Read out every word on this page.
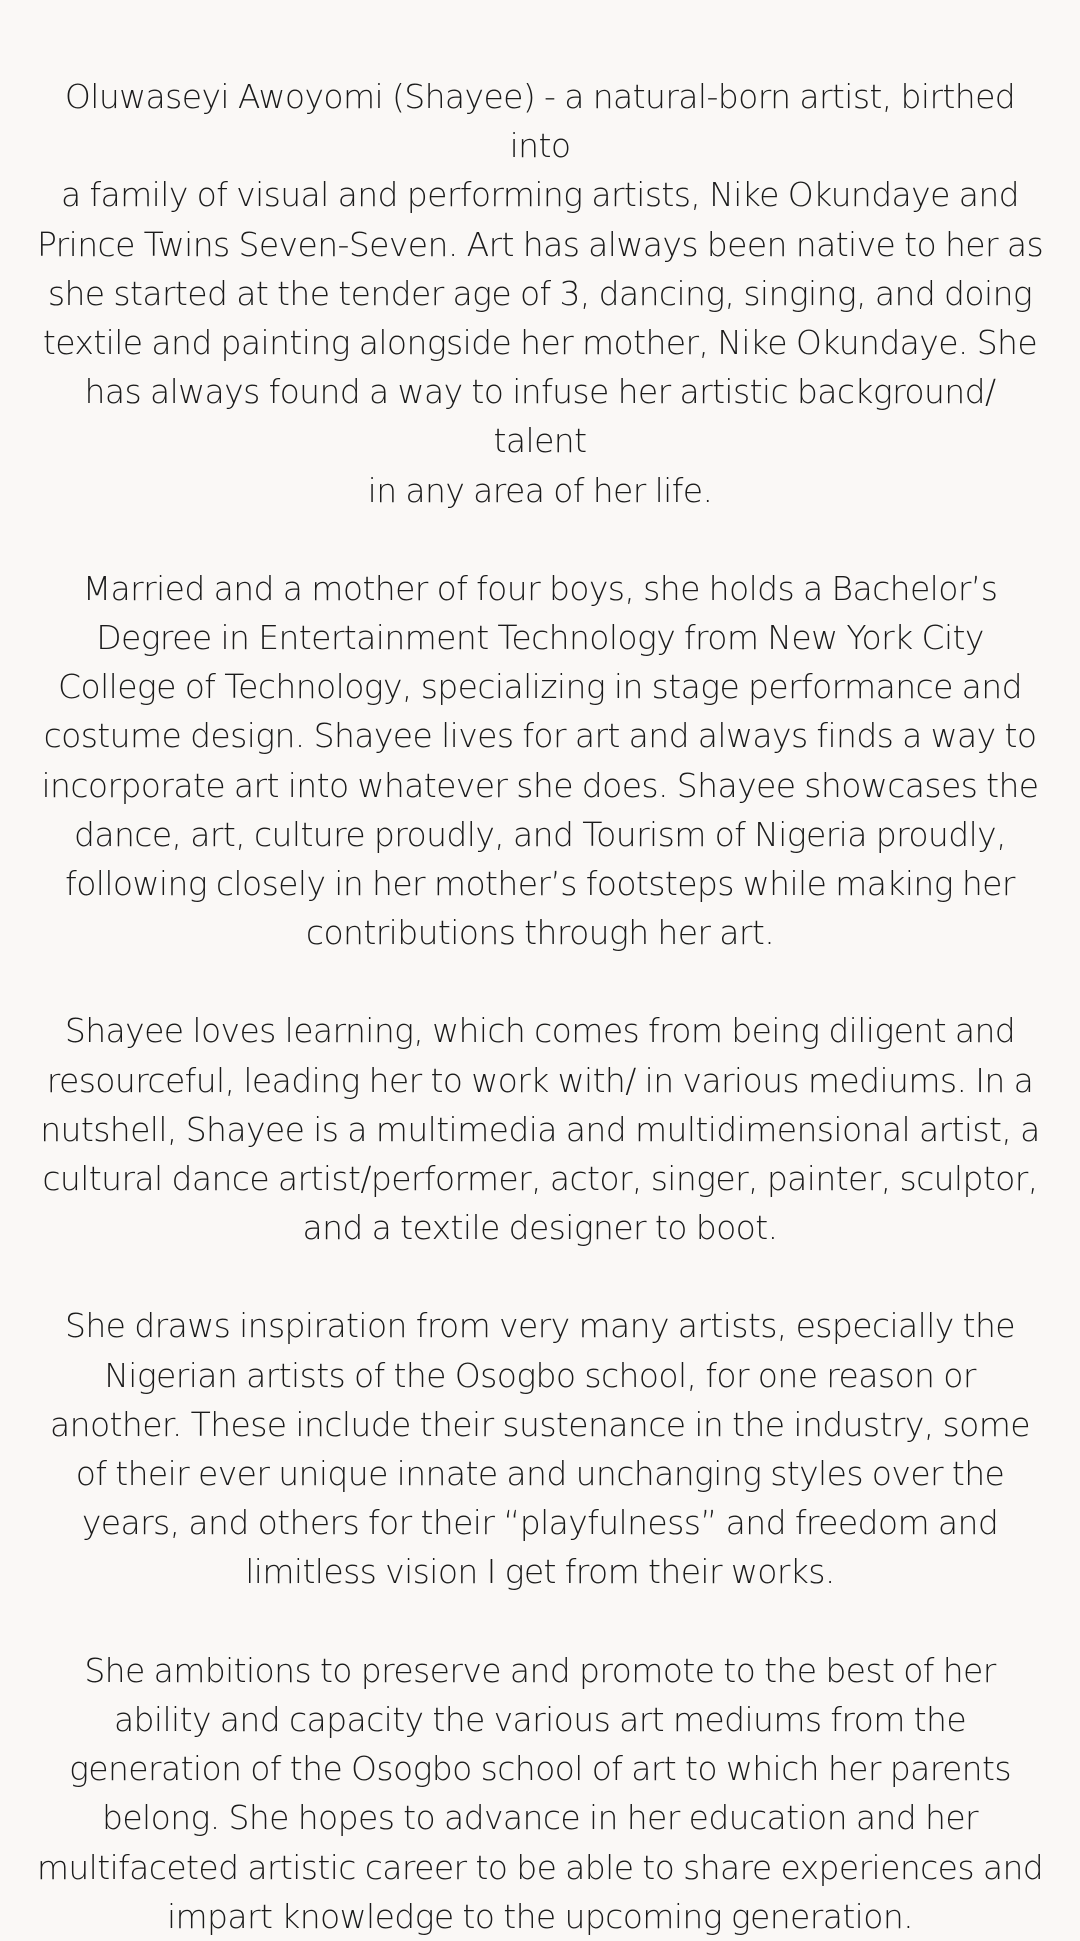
Oluwaseyi Awoyomi (Shayee) - a natural-born artist, birthed into
a family of visual and performing artists, Nike Okundaye and
Prince Twins Seven-Seven. Art has always been native to her as
she started at the tender age of 3, dancing, singing, and doing
textile and painting alongside her mother, Nike Okundaye. She
has always found a way to infuse her artistic background/ talent
in any area of her life.

Married and a mother of four boys, she holds a Bachelor’s
Degree in Entertainment Technology from New York City
College of Technology, specializing in stage performance and
costume design. Shayee lives for art and always finds a way to
incorporate art into whatever she does. Shayee showcases the
dance, art, culture proudly, and Tourism of Nigeria proudly,
following closely in her mother’s footsteps while making her
contributions through her art.

Shayee loves learning, which comes from being diligent and
resourceful, leading her to work with/ in various mediums. In a
nutshell, Shayee is a multimedia and multidimensional artist, a
cultural dance artist/performer, actor, singer, painter, sculptor,
and a textile designer to boot.

She draws inspiration from very many artists, especially the
Nigerian artists of the Osogbo school, for one reason or
another. These include their sustenance in the industry, some
of their ever unique innate and unchanging styles over the
years, and others for their “playfulness” and freedom and
limitless vision I get from their works.

She ambitions to preserve and promote to the best of her
ability and capacity the various art mediums from the
generation of the Osogbo school of art to which her parents
belong. She hopes to advance in her education and her
multifaceted artistic career to be able to share experiences and
impart knowledge to the upcoming generation.
